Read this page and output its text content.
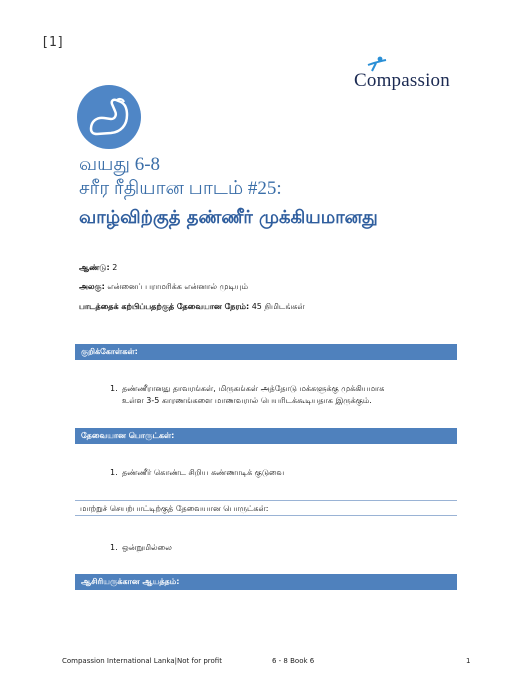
[1]
Compassion
வயது 6-8
சரீர ரீதியான பாடம் #25:
வாழ்விற்குத் தண்ணீர் முக்கியமானது
ஆண்டு: 2
அலகு: என்னைப் பராமரிக்க என்னால் முடியும்
பாடத்தைக் கற்பிப்பதற்குத் தேவையான நேரம்: 45 நிமிடங்கள்
குறிக்கோள்கள்:
1. தண்ணீரானது தாவரங்கள், மிருகங்கள் அத்தோடு மக்களுக்கு முக்கியமாக
உள்ள 3-5 காரணங்களை மாணவரால் பெயரிடக்கூடியதாக இருக்கும்.
தேவையான பொருட்கள்:
1. தண்ணீர் கொண்ட சிறிய கண்ணாடிக் குடுவை
மாற்றுச் செயற்பாட்டிற்குத் தேவையான பொருட்கள்:
1. ஒன்றுமில்லை
ஆசிரியருக்கான ஆயத்தம்:
Compassion International Lanka|Not for profit	6 - 8 Book 6	1
